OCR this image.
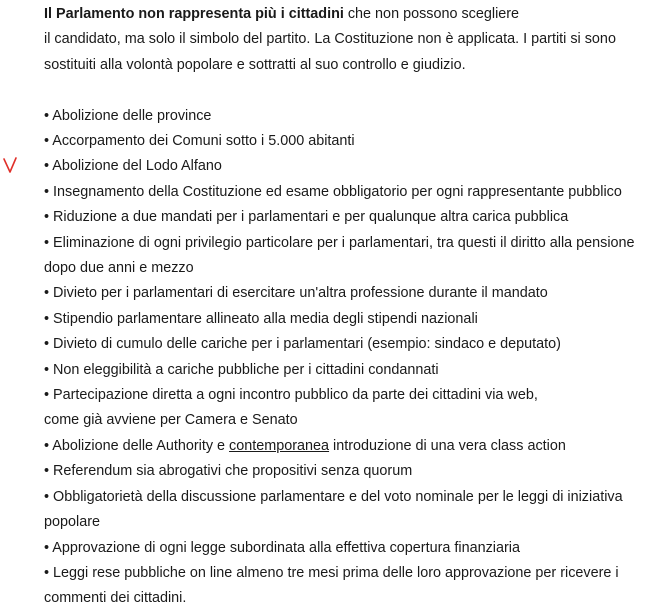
Il Parlamento non rappresenta più i cittadini che non possono scegliere
il candidato, ma solo il simbolo del partito. La Costituzione non è applicata. I partiti si sono
sostituiti alla volontà popolare e sottratti al suo controllo e giudizio.
• Abolizione delle province
• Accorpamento dei Comuni sotto i 5.000 abitanti
• Abolizione del Lodo Alfano
• Insegnamento della Costituzione ed esame obbligatorio per ogni rappresentante pubblico
• Riduzione a due mandati per i parlamentari e per qualunque altra carica pubblica
• Eliminazione di ogni privilegio particolare per i parlamentari, tra questi il diritto alla pensione
dopo due anni e mezzo
• Divieto per i parlamentari di esercitare un'altra professione durante il mandato
• Stipendio parlamentare allineato alla media degli stipendi nazionali
• Divieto di cumulo delle cariche per i parlamentari (esempio: sindaco e deputato)
• Non eleggibilità a cariche pubbliche per i cittadini condannati
• Partecipazione diretta a ogni incontro pubblico da parte dei cittadini via web,
come già avviene per Camera e Senato
• Abolizione delle Authority e contemporanea introduzione di una vera class action
• Referendum sia abrogativi che propositivi senza quorum
• Obbligatorietà della discussione parlamentare e del voto nominale per le leggi di iniziativa
popolare
• Approvazione di ogni legge subordinata alla effettiva copertura finanziaria
• Leggi rese pubbliche on line almeno tre mesi prima delle loro approvazione per ricevere i
commenti dei cittadini.
